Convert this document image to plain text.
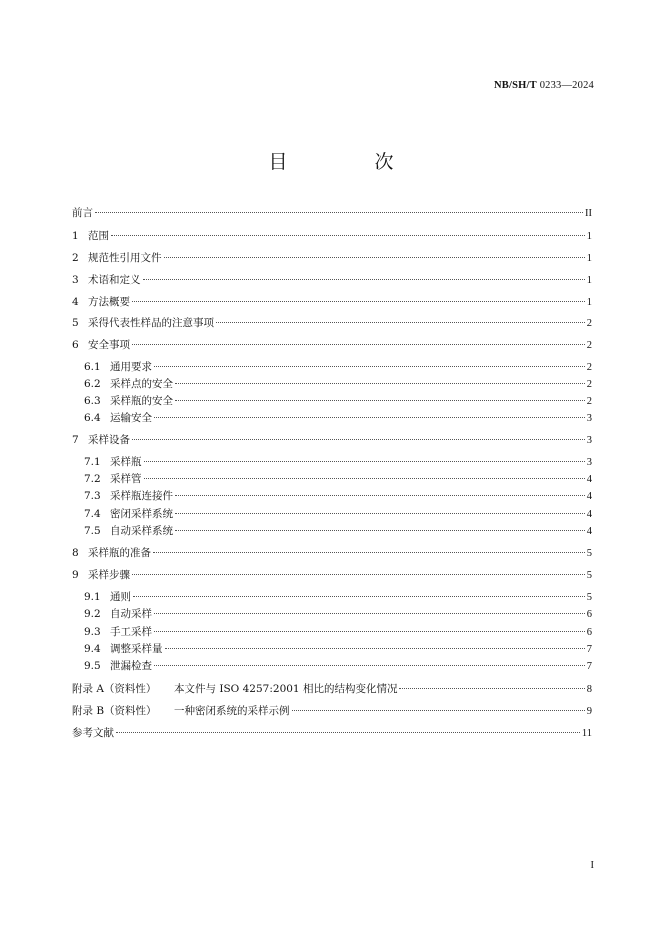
NB/SH/T 0233—2024
目　次
前言	II
1 范围	1
2 规范性引用文件	1
3 术语和定义	1
4 方法概要	1
5 采得代表性样品的注意事项	2
6 安全事项	2
6.1 通用要求	2
6.2 采样点的安全	2
6.3 采样瓶的安全	2
6.4 运输安全	3
7 采样设备	3
7.1 采样瓶	3
7.2 采样管	4
7.3 采样瓶连接件	4
7.4 密闭采样系统	4
7.5 自动采样系统	4
8 采样瓶的准备	5
9 采样步骤	5
9.1 通则	5
9.2 自动采样	6
9.3 手工采样	6
9.4 调整采样量	7
9.5 泄漏检查	7
附录 A（资料性）	本文件与 ISO 4257:2001 相比的结构变化情况	8
附录 B（资料性）	一种密闭系统的采样示例	9
参考文献	11
I
